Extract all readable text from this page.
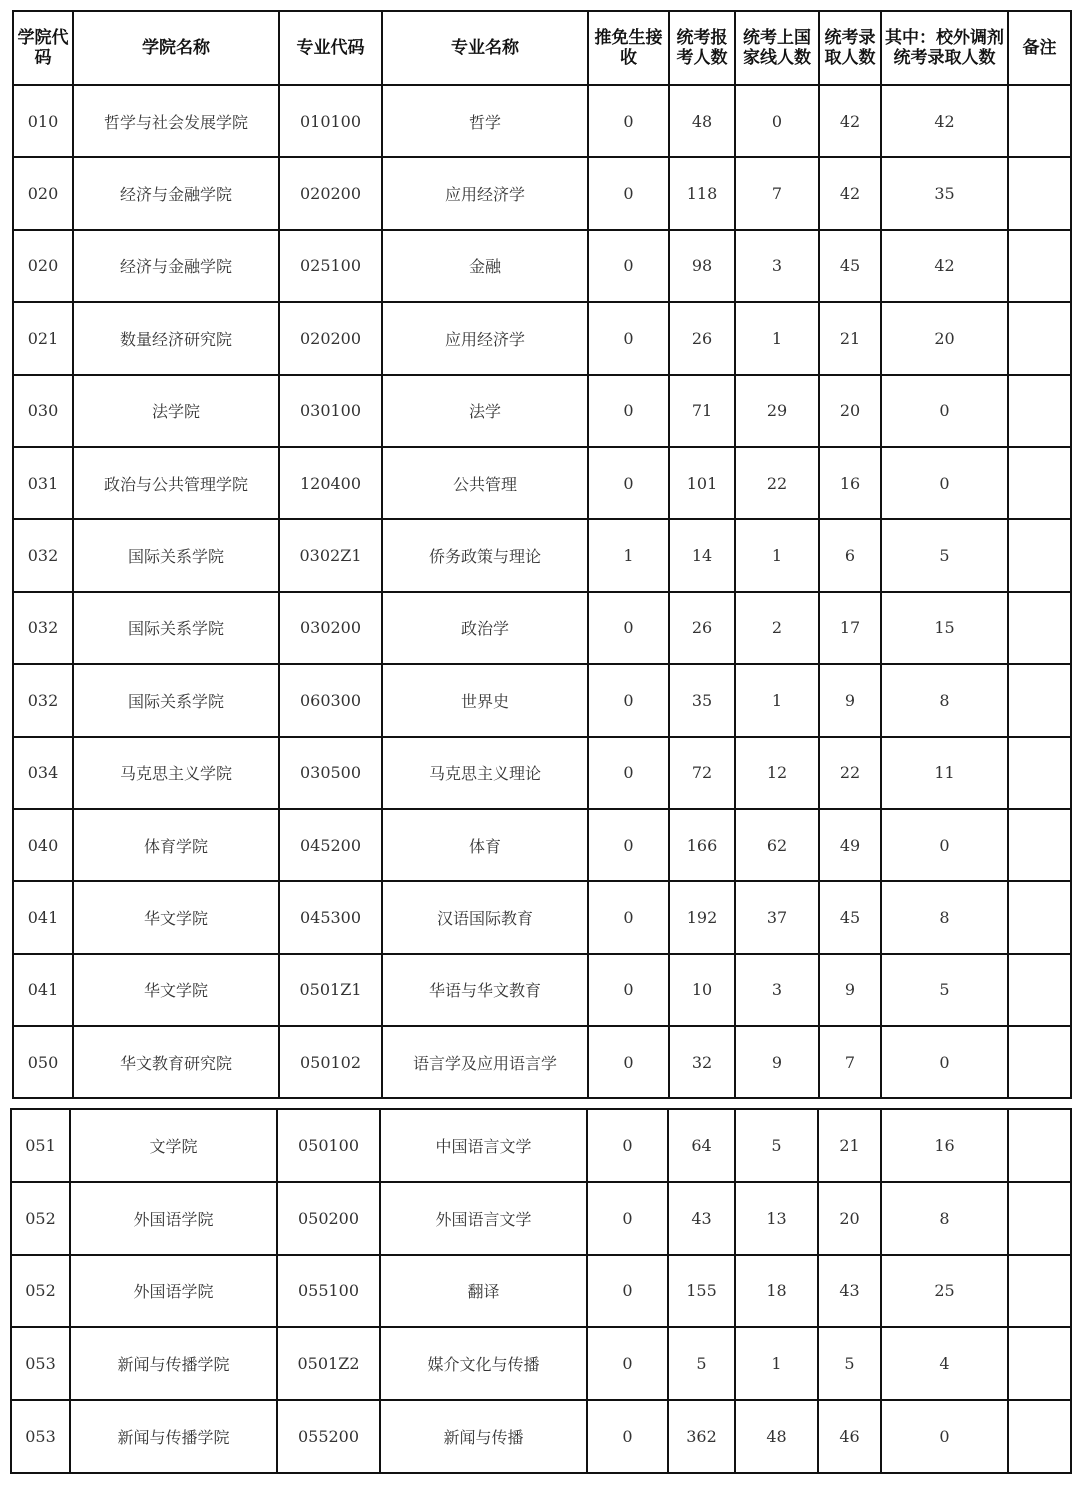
学院代码	学院名称	专业代码	专业名称	推免生接收	统考报考人数	统考上国家线人数	统考录取人数	其中：校外调剂统考录取人数	备注
010	哲学与社会发展学院	010100	哲学	0	48	0	42	42	
020	经济与金融学院	020200	应用经济学	0	118	7	42	35	
020	经济与金融学院	025100	金融	0	98	3	45	42	
021	数量经济研究院	020200	应用经济学	0	26	1	21	20	
030	法学院	030100	法学	0	71	29	20	0	
031	政治与公共管理学院	120400	公共管理	0	101	22	16	0	
032	国际关系学院	0302Z1	侨务政策与理论	1	14	1	6	5	
032	国际关系学院	030200	政治学	0	26	2	17	15	
032	国际关系学院	060300	世界史	0	35	1	9	8	
034	马克思主义学院	030500	马克思主义理论	0	72	12	22	11	
040	体育学院	045200	体育	0	166	62	49	0	
041	华文学院	045300	汉语国际教育	0	192	37	45	8	
041	华文学院	0501Z1	华语与华文教育	0	10	3	9	5	
050	华文教育研究院	050102	语言学及应用语言学	0	32	9	7	0	
051	文学院	050100	中国语言文学	0	64	5	21	16	
052	外国语学院	050200	外国语言文学	0	43	13	20	8	
052	外国语学院	055100	翻译	0	155	18	43	25	
053	新闻与传播学院	0501Z2	媒介文化与传播	0	5	1	5	4	
053	新闻与传播学院	055200	新闻与传播	0	362	48	46	0	
